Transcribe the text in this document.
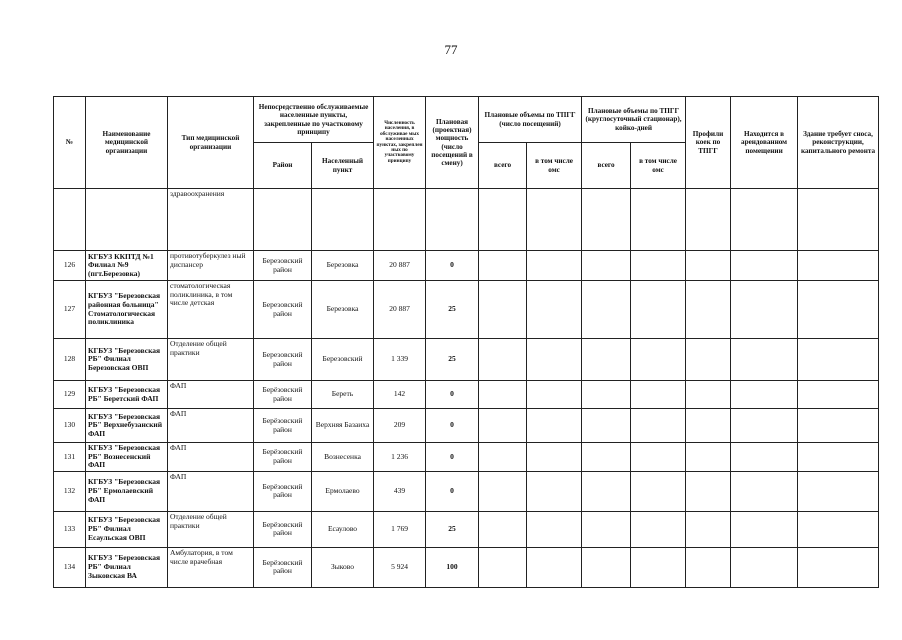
77
№	Наименование медицинской организации	Тип медицинской организации	Непосредственно обслуживаемые населенные пункты, закрепленные по участковому принципу		Численность населения, в обслуживае мых населенных пунктах, закреплен ных по участковому принципу	Плановая (проектная) мощность (число посещений в смену)	Плановые объемы по ТПГГ (число посещений)		Плановые объемы по ТПГГ (круглосуточный стационар), койко-дней		Профили коек по ТПГГ	Находится в арендованном помещении	Здание требует сноса, реконструкции, капитального ремонта
			Район	Населенный пункт			всего	в том числе омс	всего	в том числе омс			
		здравоохранения											
126	КГБУЗ ККПТД №1 Филиал №9 (пгт.Березовка)	противотуберкулез ный диспансер	Березовский район	Березовка	20 887	0							
127	КГБУЗ "Березовская районная больница" Стоматологическая поликлиника	стоматологическая поликлиника, в том числе детская	Березовский район	Березовка	20 887	25							
128	КГБУЗ "Березовская РБ" Филиал Березовская ОВП	Отделение общей практики	Березовский район	Березовский	1 339	25							
129	КГБУЗ "Березовская РБ" Беретский ФАП	ФАП	Берёзовский район	Береть	142	0							
130	КГБУЗ "Березовская РБ" Верхнебузанский ФАП	ФАП	Берёзовский район	Верхняя Базаиха	209	0							
131	КГБУЗ "Березовская РБ" Вознесенский ФАП	ФАП	Берёзовский район	Вознесенка	1 236	0							
132	КГБУЗ "Березовская РБ" Ермолаевский ФАП	ФАП	Берёзовский район	Ермолаево	439	0							
133	КГБУЗ "Березовская РБ" Филиал Есаульская ОВП	Отделение общей практики	Берёзовский район	Есаулово	1 769	25							
134	КГБУЗ "Березовская РБ" Филиал Зыковская ВА	Амбулатория, в том числе врачебная	Берёзовский район	Зыково	5 924	100							
